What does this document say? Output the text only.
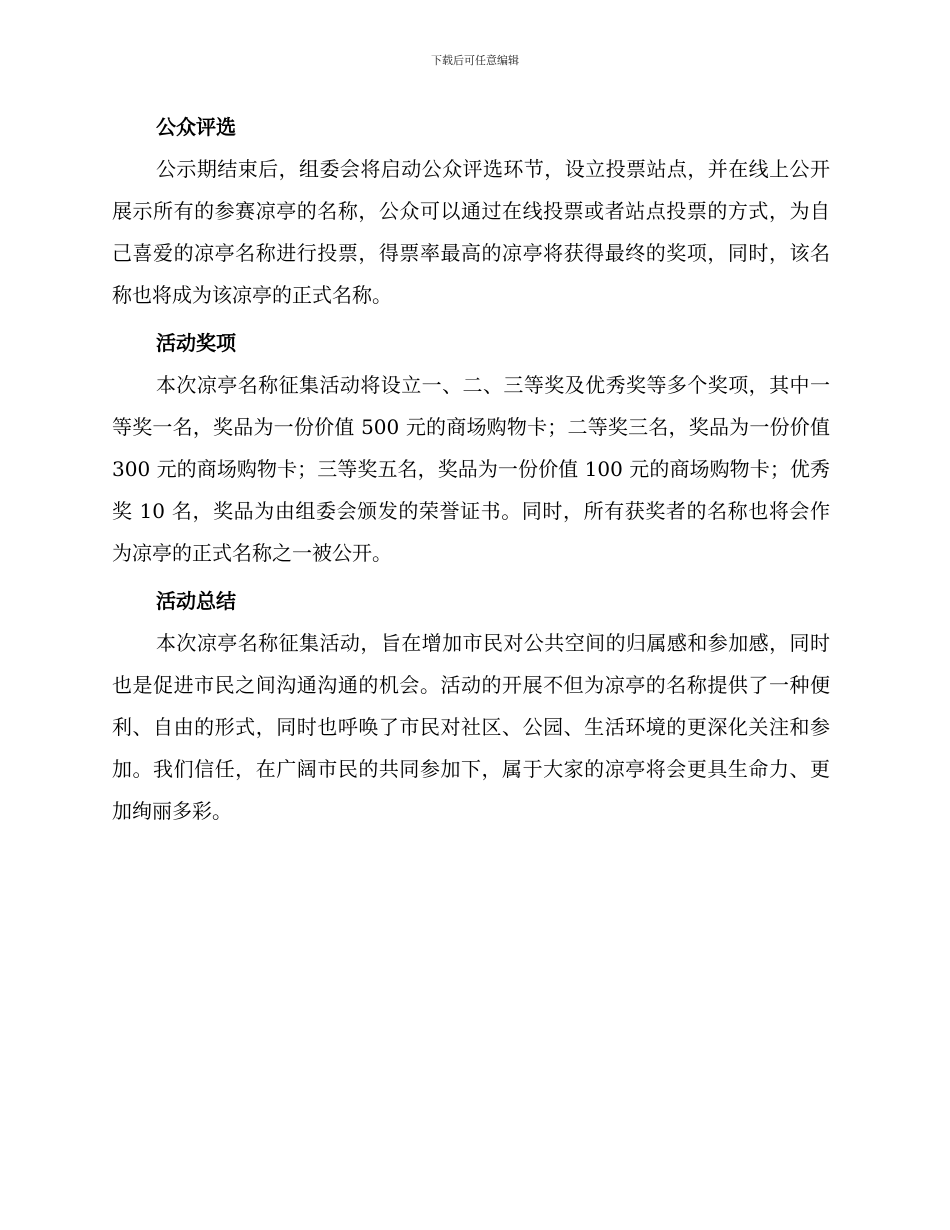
下载后可任意编辑
公众评选

公示期结束后，组委会将启动公众评选环节，设立投票站点，并在线上公开展示所有的参赛凉亭的名称，公众可以通过在线投票或者站点投票的方式，为自己喜爱的凉亭名称进行投票，得票率最高的凉亭将获得最终的奖项，同时，该名称也将成为该凉亭的正式名称。

活动奖项

本次凉亭名称征集活动将设立一、二、三等奖及优秀奖等多个奖项，其中一等奖一名，奖品为一份价值 500 元的商场购物卡；二等奖三名，奖品为一份价值 300 元的商场购物卡；三等奖五名，奖品为一份价值 100 元的商场购物卡；优秀奖 10 名，奖品为由组委会颁发的荣誉证书。同时，所有获奖者的名称也将会作为凉亭的正式名称之一被公开。

活动总结

本次凉亭名称征集活动，旨在增加市民对公共空间的归属感和参加感，同时也是促进市民之间沟通沟通的机会。活动的开展不但为凉亭的名称提供了一种便利、自由的形式，同时也呼唤了市民对社区、公园、生活环境的更深化关注和参加。我们信任，在广阔市民的共同参加下，属于大家的凉亭将会更具生命力、更加绚丽多彩。
